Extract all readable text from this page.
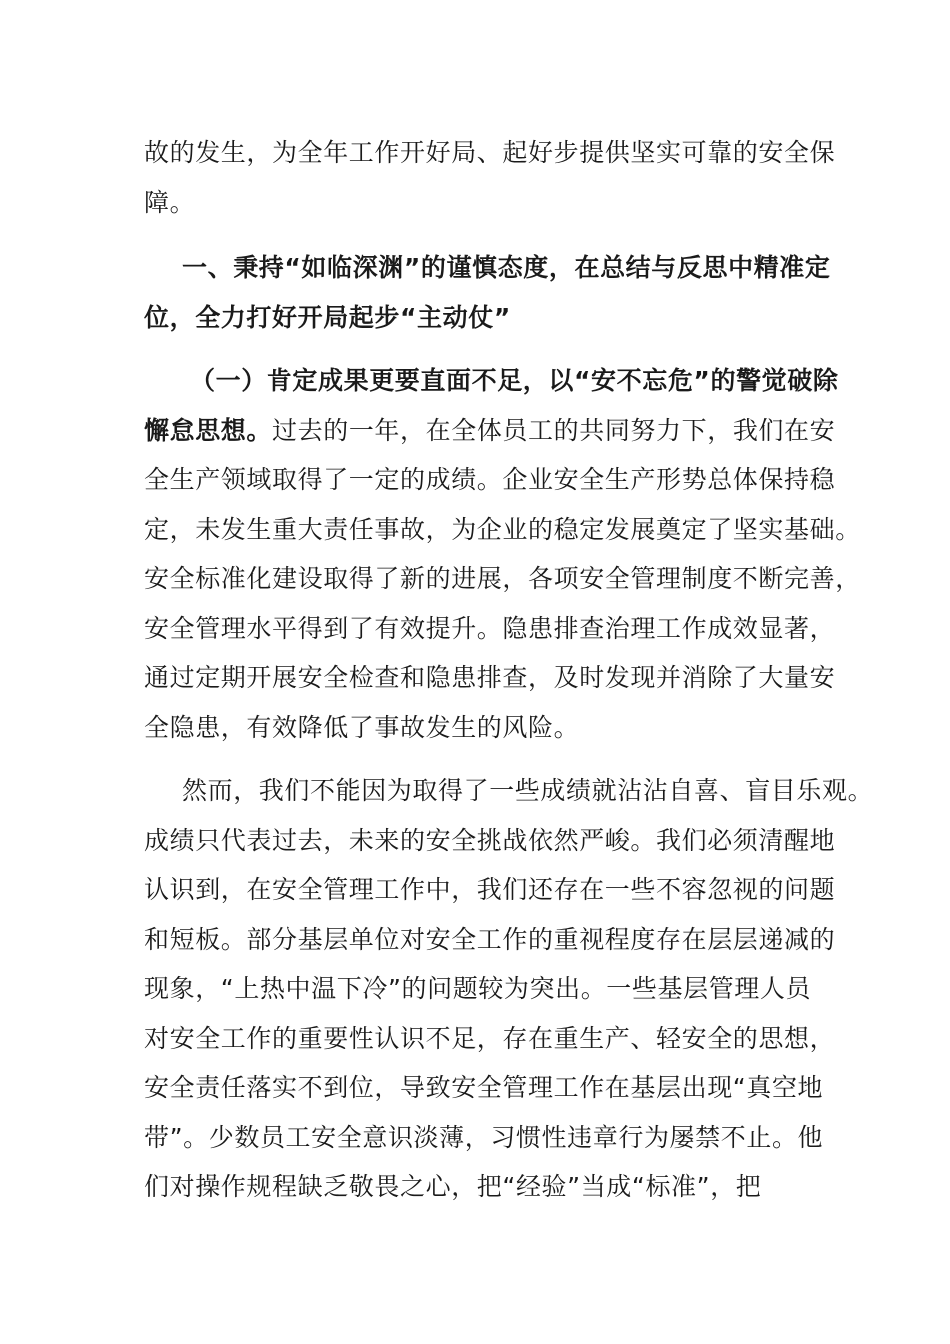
故的发生，为全年工作开好局、起好步提供坚实可靠的安全保
障。
一、秉持“如临深渊”的谨慎态度，在总结与反思中精准定
位，全力打好开局起步“主动仗”
（一）肯定成果更要直面不足，以“安不忘危”的警觉破除
懈怠思想。过去的一年，在全体员工的共同努力下，我们在安
全生产领域取得了一定的成绩。企业安全生产形势总体保持稳
定，未发生重大责任事故，为企业的稳定发展奠定了坚实基础。
安全标准化建设取得了新的进展，各项安全管理制度不断完善，
安全管理水平得到了有效提升。隐患排查治理工作成效显著，
通过定期开展安全检查和隐患排查，及时发现并消除了大量安
全隐患，有效降低了事故发生的风险。
然而，我们不能因为取得了一些成绩就沾沾自喜、盲目乐观。
成绩只代表过去，未来的安全挑战依然严峻。我们必须清醒地
认识到，在安全管理工作中，我们还存在一些不容忽视的问题
和短板。部分基层单位对安全工作的重视程度存在层层递减的
现象，“上热中温下冷”的问题较为突出。一些基层管理人员
对安全工作的重要性认识不足，存在重生产、轻安全的思想，
安全责任落实不到位，导致安全管理工作在基层出现“真空地
带”。少数员工安全意识淡薄，习惯性违章行为屡禁不止。他
们对操作规程缺乏敬畏之心，把“经验”当成“标准”，把
